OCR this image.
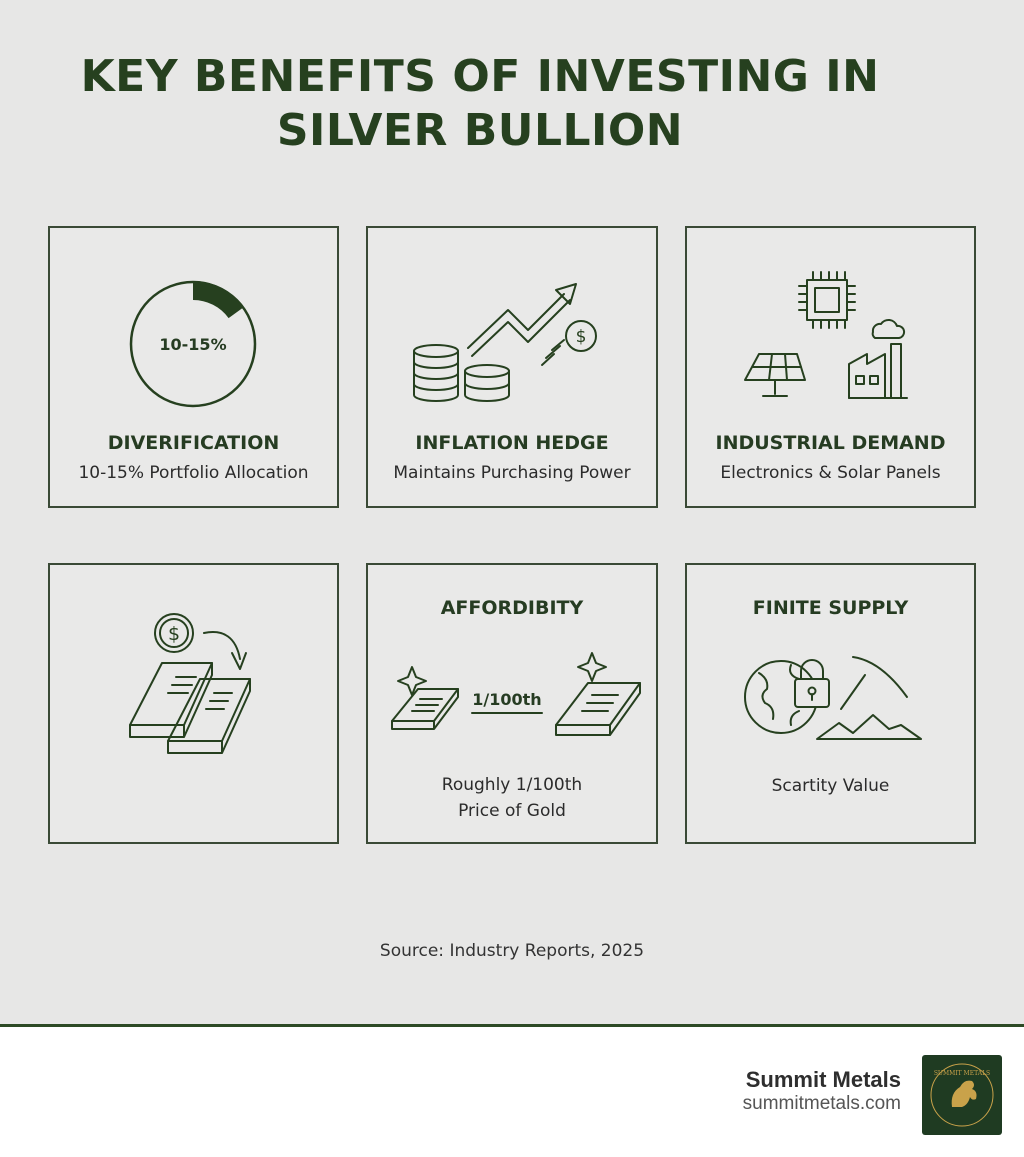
KEY BENEFITS OF INVESTING IN
SILVER BULLION
10-15%
DIVERIFICATION
10-15% Portfolio Allocation
$
INFLATION HEDGE
Maintains Purchasing Power
INDUSTRIAL DEMAND
Electronics & Solar Panels
$
AFFORDIBITY
1/100th
Roughly 1/100th
Price of Gold
FINITE SUPPLY
Scartity Value
Source: Industry Reports, 2025
Summit Metals
summitmetals.com
SUMMIT METALS
